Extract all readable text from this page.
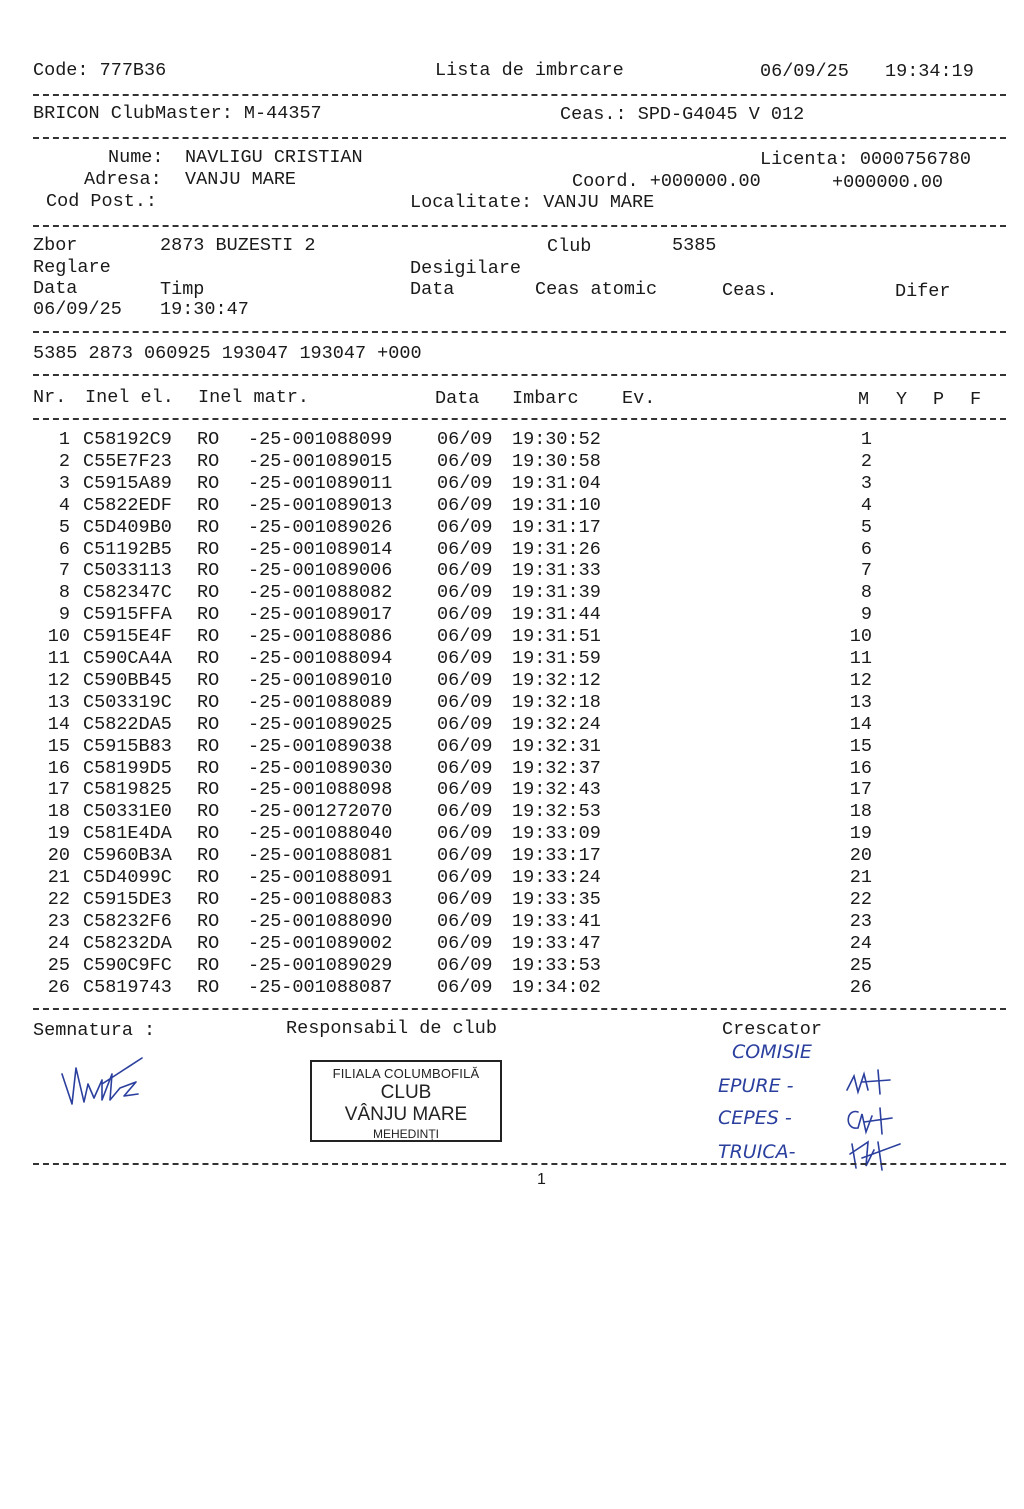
Code: 777B36	Lista de imbrcare	06/09/25 19:34:19
BRICON ClubMaster: M-44357	Ceas.: SPD-G4045 V 012
Nume: NAVLIGU CRISTIAN	Licenta: 0000756780
Adresa: VANJU MARE	Coord. +000000.00	+000000.00
Cod Post.:	Localitate: VANJU MARE
Zbor	2873 BUZESTI 2	Club	5385
Reglare	Desigilare
Data	Timp	Data	Ceas atomic	Ceas.	Difer
06/09/25 19:30:47
5385 2873 060925 193047 193047 +000
Nr. Inel el. Inel matr.	Data Imbarc Ev.	M Y P F
1 C58192C9 RO -25-001088099 06/09 19:30:52	1
2 C55E7F23 RO -25-001089015 06/09 19:30:58	2
3 C5915A89 RO -25-001089011 06/09 19:31:04	3
4 C5822EDF RO -25-001089013 06/09 19:31:10	4
5 C5D409B0 RO -25-001089026 06/09 19:31:17	5
6 C51192B5 RO -25-001089014 06/09 19:31:26	6
7 C5033113 RO -25-001089006 06/09 19:31:33	7
8 C582347C RO -25-001088082 06/09 19:31:39	8
9 C5915FFA RO -25-001089017 06/09 19:31:44	9
10 C5915E4F RO -25-001088086 06/09 19:31:51	10
11 C590CA4A RO -25-001088094 06/09 19:31:59	11
12 C590BB45 RO -25-001089010 06/09 19:32:12	12
13 C503319C RO -25-001088089 06/09 19:32:18	13
14 C5822DA5 RO -25-001089025 06/09 19:32:24	14
15 C5915B83 RO -25-001089038 06/09 19:32:31	15
16 C58199D5 RO -25-001089030 06/09 19:32:37	16
17 C5819825 RO -25-001088098 06/09 19:32:43	17
18 C50331E0 RO -25-001272070 06/09 19:32:53	18
19 C581E4DA RO -25-001088040 06/09 19:33:09	19
20 C5960B3A RO -25-001088081 06/09 19:33:17	20
21 C5D4099C RO -25-001088091 06/09 19:33:24	21
22 C5915DE3 RO -25-001088083 06/09 19:33:35	22
23 C58232F6 RO -25-001088090 06/09 19:33:41	23
24 C58232DA RO -25-001089002 06/09 19:33:47	24
25 C590C9FC RO -25-001089029 06/09 19:33:53	25
26 C5819743 RO -25-001088087 06/09 19:34:02	26
Semnatura :	Responsabil de club	Crescator
FILIALA COLUMBOFILĂ
CLUB
VÂNJU MARE
MEHEDINȚI
COMISIE
EPURE -
CEPES -
TRUICA-
1
